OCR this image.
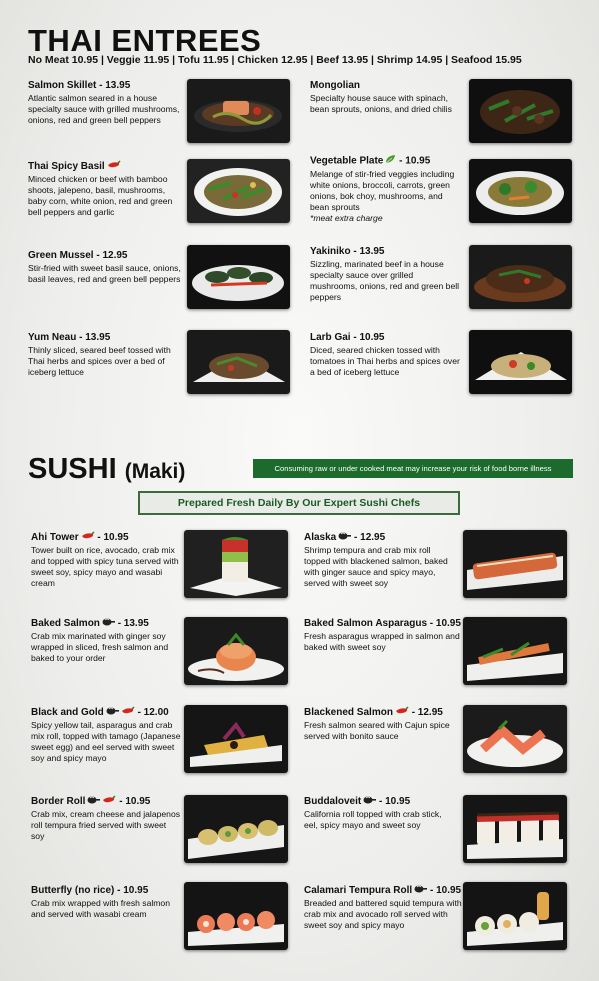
THAI ENTREES
No Meat 10.95 | Veggie 11.95 | Tofu 11.95 | Chicken 12.95 | Beef 13.95 | Shrimp 14.95 | Seafood 15.95
Salmon Skillet - 13.95
Atlantic salmon seared in a house specialty sauce with grilled mushrooms, onions, red and green bell peppers
Thai Spicy Basil
Minced chicken or beef with bamboo shoots, jalepeno, basil, mushrooms, baby corn, white onion, red and green bell peppers and garlic
Green Mussel - 12.95
Stir-fried with sweet basil sauce, onions, basil leaves, red and green bell peppers
Yum Neau - 13.95
Thinly sliced, seared beef tossed with Thai herbs and spices over a bed of iceberg lettuce
Mongolian
Specialty house sauce with spinach, bean sprouts, onions, and dried chilis
Vegetable Plate - 10.95
Melange of stir-fried veggies including white onions, broccoli, carrots, green onions, bok choy, mushrooms, and bean sprouts
*meat extra charge
Yakiniko - 13.95
Sizzling, marinated beef in a house specialty sauce over grilled mushrooms, onions, red and green bell peppers
Larb Gai - 10.95
Diced, seared chicken tossed with tomatoes in Thai herbs and spices over a bed of iceberg lettuce
SUSHI (Maki)	Consuming raw or under cooked meat may increase your risk of food borne illness
Prepared Fresh Daily By Our Expert Sushi Chefs
Ahi Tower - 10.95
Tower built on rice, avocado, crab mix and topped with spicy tuna served with sweet soy, spicy mayo and wasabi cream
Baked Salmon - 13.95
Crab mix marinated with ginger soy wrapped in sliced, fresh salmon and baked to your order
Black and Gold	- 12.00
Spicy yellow tail, asparagus and crab mix roll, topped with tamago (Japanese sweet egg) and eel served with sweet soy and spicy mayo
Border Roll	- 10.95
Crab mix, cream cheese and jalapenos roll tempura fried served with sweet soy
Butterfly (no rice) - 10.95
Crab mix wrapped with fresh salmon and served with wasabi cream
Alaska - 12.95
Shrimp tempura and crab mix roll topped with blackened salmon, baked with ginger sauce and spicy mayo, served with sweet soy
Baked Salmon Asparagus - 10.95
Fresh asparagus wrapped in salmon and baked with sweet soy
Blackened Salmon - 12.95
Fresh salmon seared with Cajun spice served with bonito sauce
Buddaloveit - 10.95
California roll topped with crab stick, eel, spicy mayo and sweet soy
Calamari Tempura Roll - 10.95
Breaded and battered squid tempura with crab mix and avocado roll served with sweet soy and spicy mayo
